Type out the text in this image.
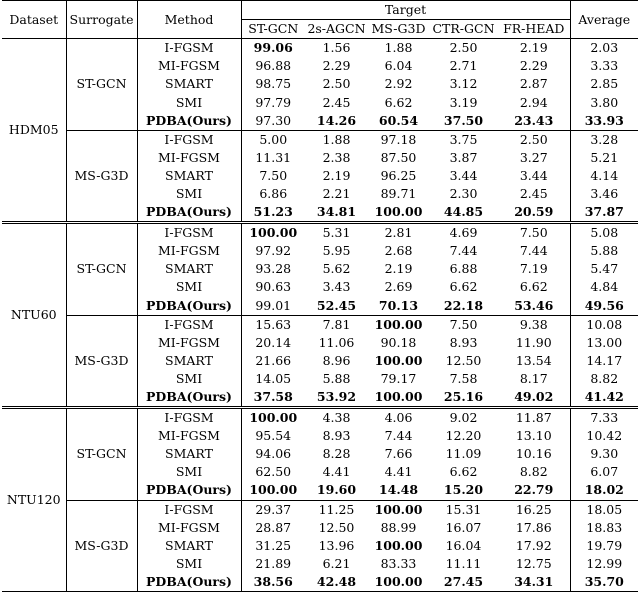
Dataset	Surrogate	Method	Target					Average
			ST-GCN	2s-AGCN	MS-G3D	CTR-GCN	FR-HEAD	
HDM05	ST-GCN	I-FGSM	99.06	1.56	1.88	2.50	2.19	2.03
		MI-FGSM	96.88	2.29	6.04	2.71	2.29	3.33
		SMART	98.75	2.50	2.92	3.12	2.87	2.85
		SMI	97.79	2.45	6.62	3.19	2.94	3.80
		PDBA(Ours)	97.30	14.26	60.54	37.50	23.43	33.93
	MS-G3D	I-FGSM	5.00	1.88	97.18	3.75	2.50	3.28
		MI-FGSM	11.31	2.38	87.50	3.87	3.27	5.21
		SMART	7.50	2.19	96.25	3.44	3.44	4.14
		SMI	6.86	2.21	89.71	2.30	2.45	3.46
		PDBA(Ours)	51.23	34.81	100.00	44.85	20.59	37.87
NTU60	ST-GCN	I-FGSM	100.00	5.31	2.81	4.69	7.50	5.08
		MI-FGSM	97.92	5.95	2.68	7.44	7.44	5.88
		SMART	93.28	5.62	2.19	6.88	7.19	5.47
		SMI	90.63	3.43	2.69	6.62	6.62	4.84
		PDBA(Ours)	99.01	52.45	70.13	22.18	53.46	49.56
	MS-G3D	I-FGSM	15.63	7.81	100.00	7.50	9.38	10.08
		MI-FGSM	20.14	11.06	90.18	8.93	11.90	13.00
		SMART	21.66	8.96	100.00	12.50	13.54	14.17
		SMI	14.05	5.88	79.17	7.58	8.17	8.82
		PDBA(Ours)	37.58	53.92	100.00	25.16	49.02	41.42
NTU120	ST-GCN	I-FGSM	100.00	4.38	4.06	9.02	11.87	7.33
		MI-FGSM	95.54	8.93	7.44	12.20	13.10	10.42
		SMART	94.06	8.28	7.66	11.09	10.16	9.30
		SMI	62.50	4.41	4.41	6.62	8.82	6.07
		PDBA(Ours)	100.00	19.60	14.48	15.20	22.79	18.02
	MS-G3D	I-FGSM	29.37	11.25	100.00	15.31	16.25	18.05
		MI-FGSM	28.87	12.50	88.99	16.07	17.86	18.83
		SMART	31.25	13.96	100.00	16.04	17.92	19.79
		SMI	21.89	6.21	83.33	11.11	12.75	12.99
		PDBA(Ours)	38.56	42.48	100.00	27.45	34.31	35.70
